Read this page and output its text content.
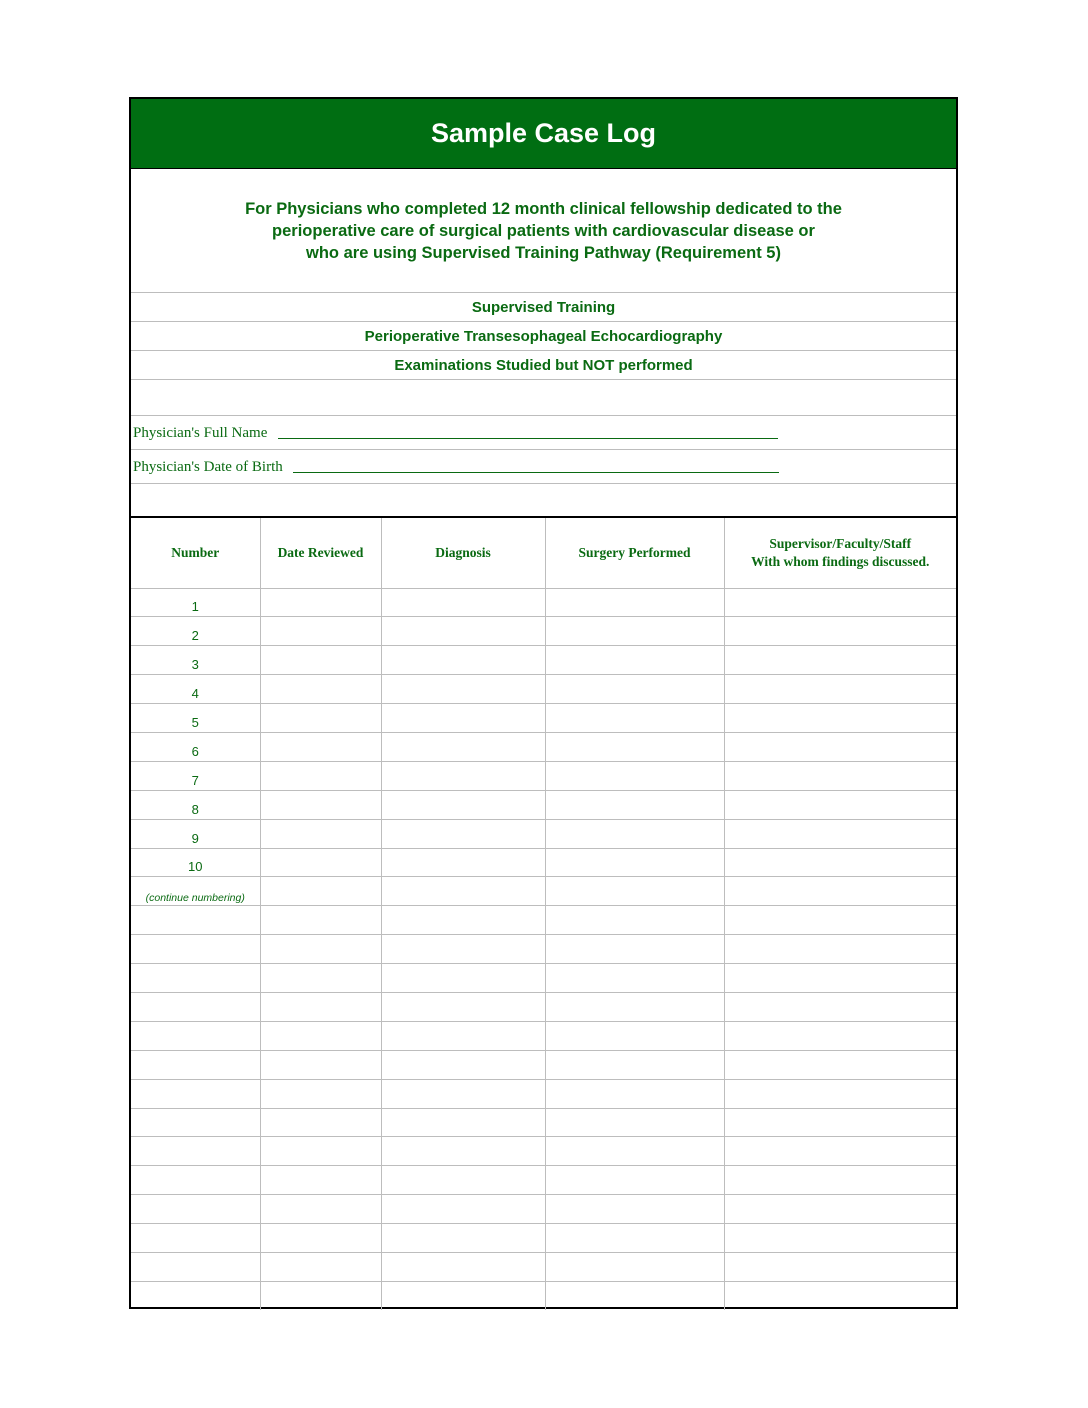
Sample Case Log
For Physicians who completed 12 month clinical fellowship dedicated to the
perioperative care of surgical patients with cardiovascular disease or
who are using Supervised Training Pathway (Requirement 5)
Supervised Training
Perioperative Transesophageal Echocardiography
Examinations Studied but NOT performed
Physician's Full Name
Physician's Date of Birth
Number	Date Reviewed	Diagnosis	Surgery Performed	Supervisor/Faculty/Staff
With whom findings discussed.

1				
2				
3				
4				
5				
6				
7				
8				
9				
10				
(continue numbering)				
